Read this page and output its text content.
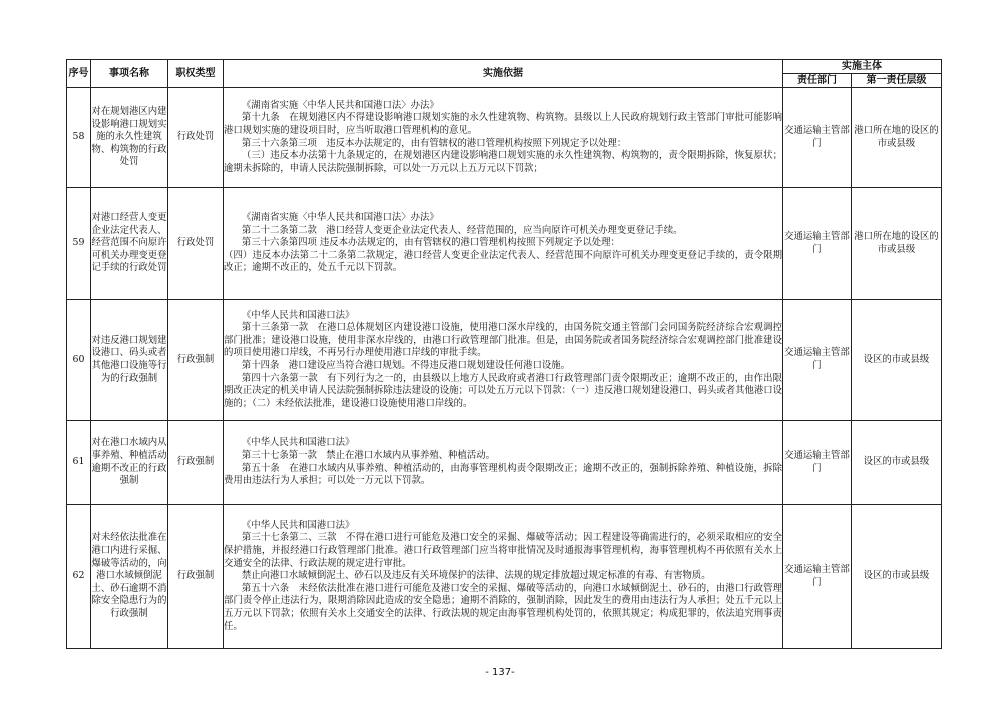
序号	事项名称	职权类型	实施依据	实施主体	
				责任部门	第一责任层级
58	对在规划港区内建设影响港口规划实施的永久性建筑物、构筑物的行政处罚	行政处罚	《湖南省实施〈中华人民共和国港口法〉办法》

第十九条　在规划港区内不得建设影响港口规划实施的永久性建筑物、构筑物。县级以上人民政府规划行政主管部门审批可能影响港口规划实施的建设项目时，应当听取港口管理机构的意见。

第三十六条第三项　违反本办法规定的，由有管辖权的港口管理机构按照下列规定予以处理：

（三）违反本办法第十九条规定的，在规划港区内建设影响港口规划实施的永久性建筑物、构筑物的，责令限期拆除，恢复原状；逾期未拆除的，申请人民法院强制拆除，可以处一万元以上五万元以下罚款；	交通运输主管部门	港口所在地的设区的市或县级
59	对港口经营人变更企业法定代表人、经营范围不向原许可机关办理变更登记手续的行政处罚	行政处罚	《湖南省实施〈中华人民共和国港口法〉办法》

第二十二条第二款　港口经营人变更企业法定代表人、经营范围的，应当向原许可机关办理变更登记手续。

第三十六条第四项 违反本办法规定的，由有管辖权的港口管理机构按照下列规定予以处理：

（四）违反本办法第二十二条第二款规定，港口经营人变更企业法定代表人、经营范围不向原许可机关办理变更登记手续的，责令限期改正；逾期不改正的，处五千元以下罚款。	交通运输主管部门	港口所在地的设区的市或县级
60	对违反港口规划建设港口、码头或者其他港口设施等行为的行政强制	行政强制	《中华人民共和国港口法》

第十三条第一款　在港口总体规划区内建设港口设施，使用港口深水岸线的，由国务院交通主管部门会同国务院经济综合宏观调控部门批准；建设港口设施，使用非深水岸线的，由港口行政管理部门批准。但是，由国务院或者国务院经济综合宏观调控部门批准建设的项目使用港口岸线，不再另行办理使用港口岸线的审批手续。

第十四条　港口建设应当符合港口规划。不得违反港口规划建设任何港口设施。

第四十六条第一款　有下列行为之一的，由县级以上地方人民政府或者港口行政管理部门责令限期改正；逾期不改正的，由作出限期改正决定的机关申请人民法院强制拆除违法建设的设施；可以处五万元以下罚款：（一）违反港口规划建设港口、码头或者其他港口设施的；（二）未经依法批准，建设港口设施使用港口岸线的。	交通运输主管部门	设区的市或县级
61	对在港口水域内从事养殖、种植活动逾期不改正的行政强制	行政强制	《中华人民共和国港口法》

第三十七条第一款　禁止在港口水域内从事养殖、种植活动。

第五十条　在港口水域内从事养殖、种植活动的，由海事管理机构责令限期改正；逾期不改正的，强制拆除养殖、种植设施，拆除费用由违法行为人承担；可以处一万元以下罚款。	交通运输主管部门	设区的市或县级
62	对未经依法批准在港口内进行采掘、爆破等活动的，向港口水域倾倒泥土、砂石逾期不消除安全隐患行为的行政强制	行政强制	《中华人民共和国港口法》

第三十七条第二、三款　不得在港口进行可能危及港口安全的采掘、爆破等活动；因工程建设等确需进行的，必须采取相应的安全保护措施，并报经港口行政管理部门批准。港口行政管理部门应当将审批情况及时通报海事管理机构，海事管理机构不再依照有关水上交通安全的法律、行政法规的规定进行审批。

禁止向港口水域倾倒泥土、砂石以及违反有关环境保护的法律、法规的规定排放超过规定标准的有毒、有害物质。

第五十六条　未经依法批准在港口进行可能危及港口安全的采掘、爆破等活动的，向港口水域倾倒泥土、砂石的，由港口行政管理部门责令停止违法行为，限期消除因此造成的安全隐患；逾期不消除的，强制消除，因此发生的费用由违法行为人承担；处五千元以上五万元以下罚款；依照有关水上交通安全的法律、行政法规的规定由海事管理机构处罚的，依照其规定；构成犯罪的，依法追究刑事责任。	交通运输主管部门	设区的市或县级
- 137-
